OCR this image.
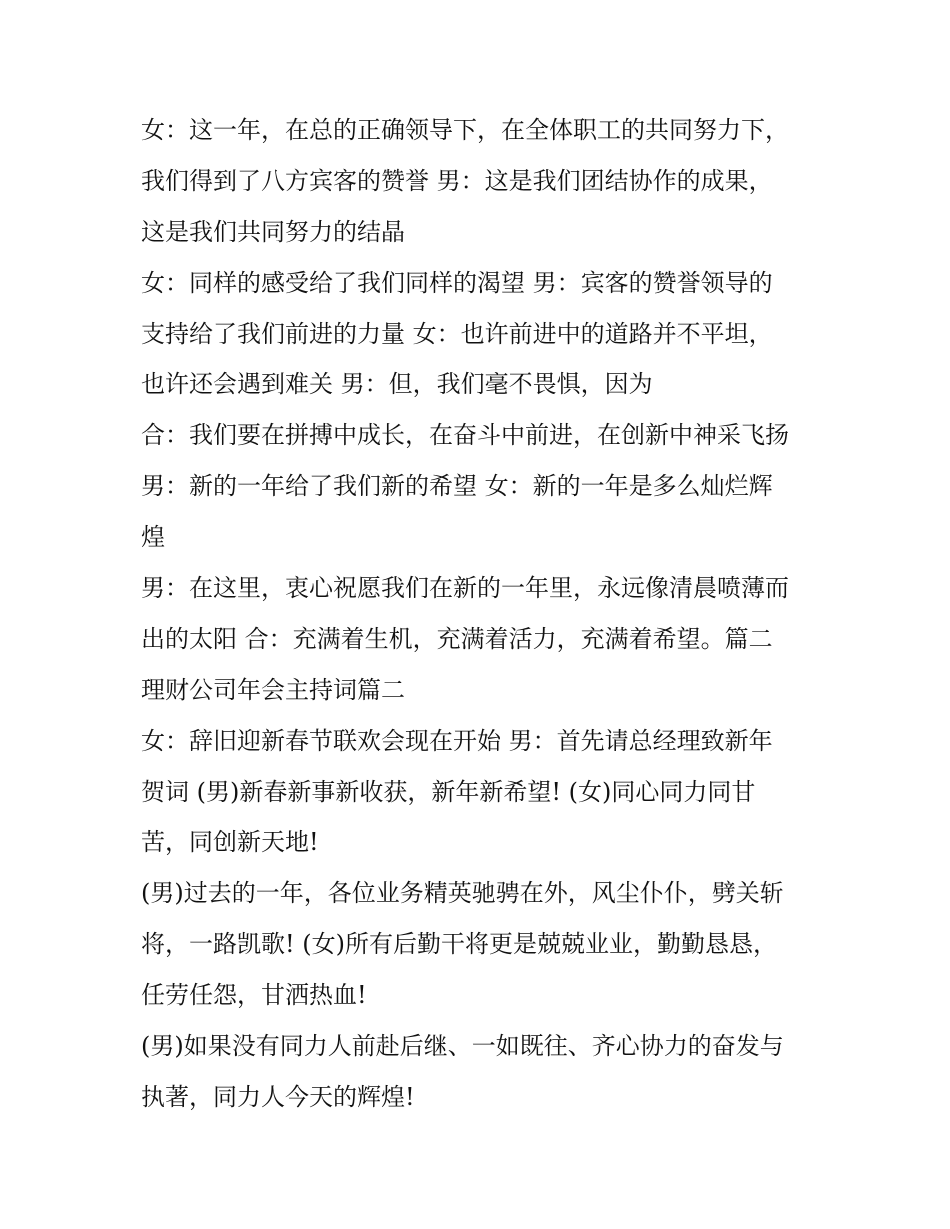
女：这一年，在总的正确领导下，在全体职工的共同努力下，
我们得到了八方宾客的赞誉 男：这是我们团结协作的成果，
这是我们共同努力的结晶
女：同样的感受给了我们同样的渴望 男：宾客的赞誉领导的
支持给了我们前进的力量 女：也许前进中的道路并不平坦，
也许还会遇到难关 男：但，我们毫不畏惧，因为
合：我们要在拼搏中成长，在奋斗中前进，在创新中神采飞扬
男：新的一年给了我们新的希望 女：新的一年是多么灿烂辉
煌
男：在这里，衷心祝愿我们在新的一年里，永远像清晨喷薄而
出的太阳 合：充满着生机，充满着活力，充满着希望。篇二
理财公司年会主持词篇二
女：辞旧迎新春节联欢会现在开始 男：首先请总经理致新年
贺词 (男)新春新事新收获，新年新希望! (女)同心同力同甘
苦，同创新天地!
(男)过去的一年，各位业务精英驰骋在外，风尘仆仆，劈关斩
将，一路凯歌! (女)所有后勤干将更是兢兢业业，勤勤恳恳，
任劳任怨，甘洒热血!
(男)如果没有同力人前赴后继、一如既往、齐心协力的奋发与
执著，同力人今天的辉煌!
